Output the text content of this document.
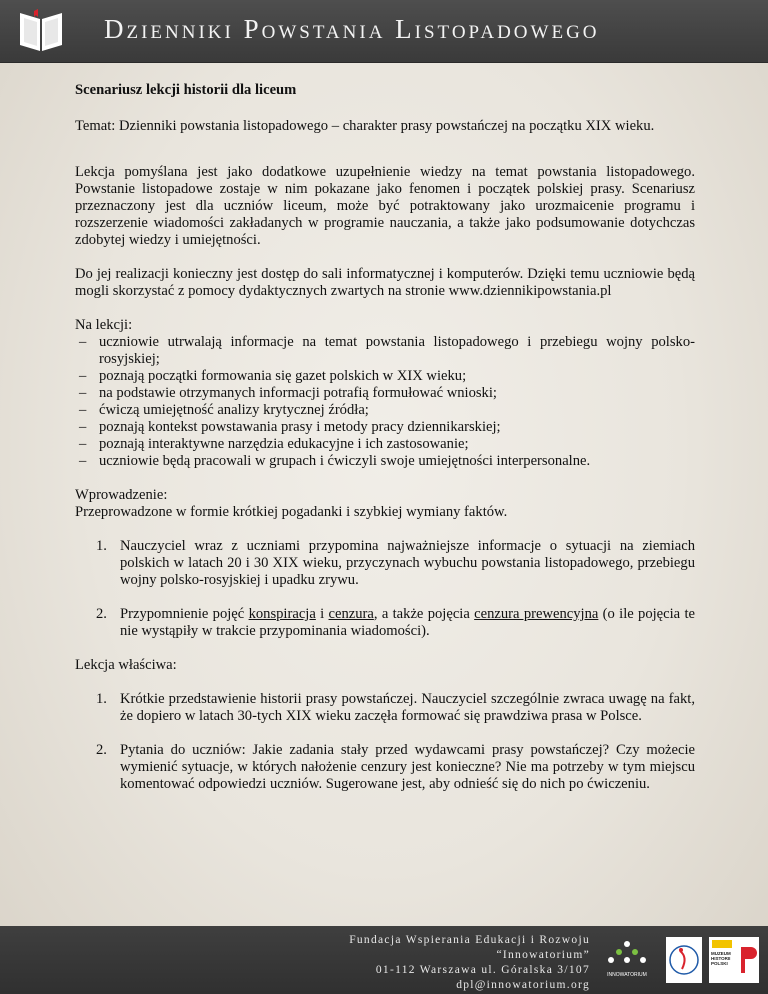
Dzienniki Powstania Listopadowego

Scenariusz lekcji historii dla liceum

Temat: Dzienniki powstania listopadowego – charakter prasy powstańczej na początku XIX wieku.

Lekcja pomyślana jest jako dodatkowe uzupełnienie wiedzy na temat powstania listopadowego. Powstanie listopadowe zostaje w nim pokazane jako fenomen i początek polskiej prasy. Scenariusz przeznaczony jest dla uczniów liceum, może być potraktowany jako urozmaicenie programu i rozszerzenie wiadomości zakładanych w programie nauczania, a także jako podsumowanie dotychczas zdobytej wiedzy i umiejętności.

Do jej realizacji konieczny jest dostęp do sali informatycznej i komputerów. Dzięki temu uczniowie będą mogli skorzystać z pomocy dydaktycznych zwartych na stronie www.dziennikipowstania.pl

Na lekcji:

– uczniowie utrwalają informacje na temat powstania listopadowego i przebiegu wojny polsko-rosyjskiej;
– poznają początki formowania się gazet polskich w XIX wieku;
– na podstawie otrzymanych informacji potrafią formułować wnioski;
– ćwiczą umiejętność analizy krytycznej źródła;
– poznają kontekst powstawania prasy i metody pracy dziennikarskiej;
– poznają interaktywne narzędzia edukacyjne i ich zastosowanie;
– uczniowie będą pracowali w grupach i ćwiczyli swoje umiejętności interpersonalne.

Wprowadzenie:

Przeprowadzone w formie krótkiej pogadanki i szybkiej wymiany faktów.

1. Nauczyciel wraz z uczniami przypomina najważniejsze informacje o sytuacji na ziemiach polskich w latach 20 i 30 XIX wieku, przyczynach wybuchu powstania listopadowego, przebiegu wojny polsko-rosyjskiej i upadku zrywu.
2. Przypomnienie pojęć konspiracja i cenzura, a także pojęcia cenzura prewencyjna (o ile pojęcia te nie wystąpiły w trakcie przypominania wiadomości).

Lekcja właściwa:

1. Krótkie przedstawienie historii prasy powstańczej. Nauczyciel szczególnie zwraca uwagę na fakt, że dopiero w latach 30-tych XIX wieku zaczęła formować się prawdziwa prasa w Polsce.
2. Pytania do uczniów: Jakie zadania stały przed wydawcami prasy powstańczej? Czy możecie wymienić sytuacje, w których nałożenie cenzury jest konieczne? Nie ma potrzeby w tym miejscu komentować odpowiedzi uczniów. Sugerowane jest, aby odnieść się do nich po ćwiczeniu.
Fundacja Wspierania Edukacji i Rozwoju
“Innowatorium”
01-112 Warszawa ul. Góralska 3/107
dpl@innowatorium.org
INNOWATORIUM
MUZEUM HISTORII POLSKI
